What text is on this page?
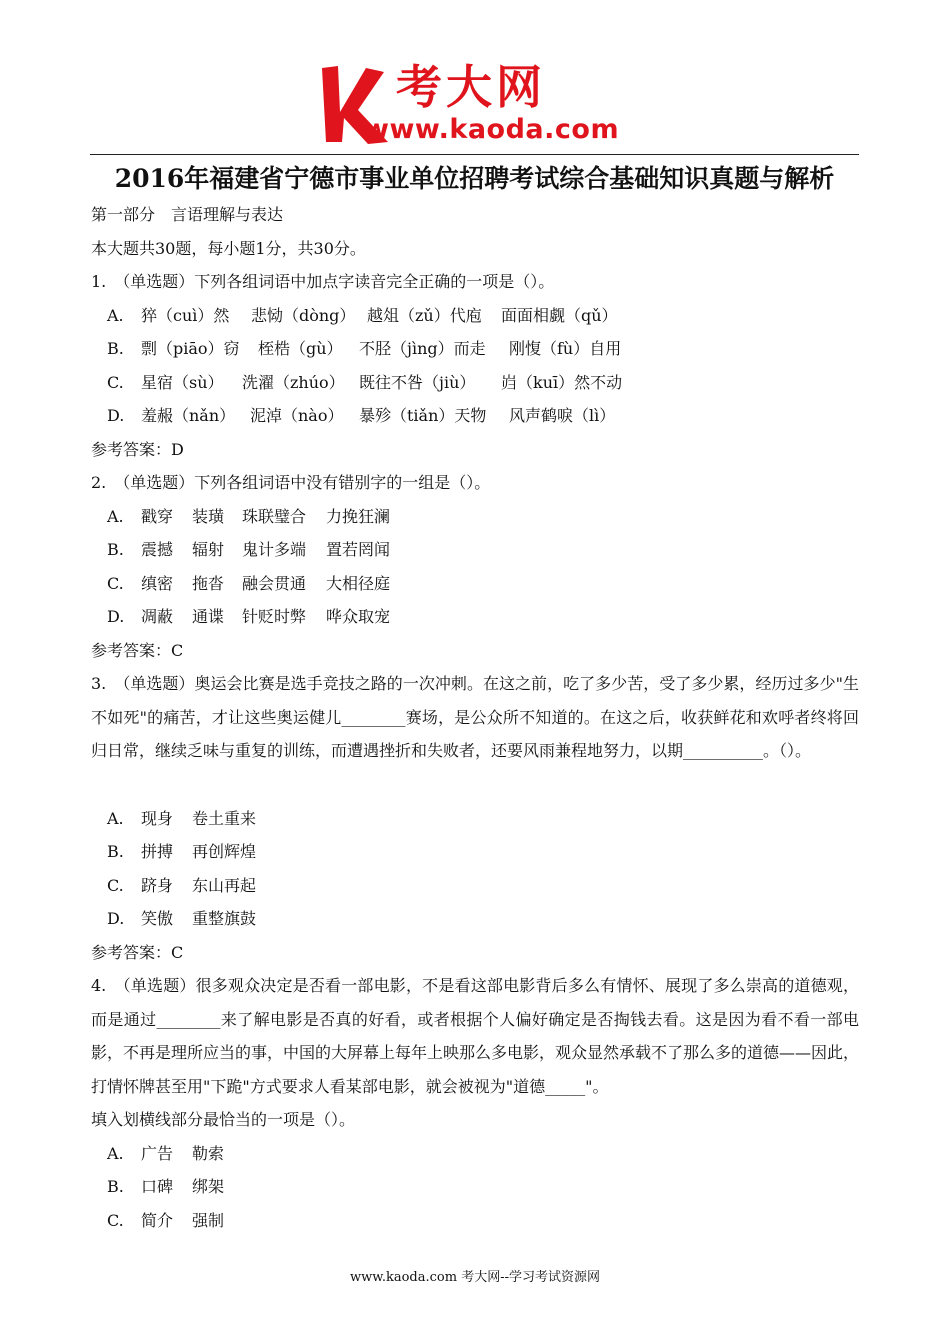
考大网
www.kaoda.com
2016年福建省宁德市事业单位招聘考试综合基础知识真题与解析
第一部分　言语理解与表达
本大题共30题，每小题1分，共30分。
1.　（单选题）下列各组词语中加点字读音完全正确的一项是（）。
A. 猝（cuì）然 悲恸（dòng） 越俎（zǔ）代庖 面面相觑（qǔ）
B. 剽（piāo）窃 桎梏（gù） 不胫（jìng）而走 刚愎（fù）自用
C. 星宿（sù） 洗濯（zhúo） 既往不咎（jiù） 岿（kuī）然不动
D. 羞赧（nǎn） 泥淖（nào） 暴殄（tiǎn）天物 风声鹤唳（lì）
参考答案：D
2.　（单选题）下列各组词语中没有错别字的一组是（）。
A. 戳穿 装璜 珠联璧合 力挽狂澜
B. 震撼 辐射 鬼计多端 置若罔闻
C. 缜密 拖沓 融会贯通 大相径庭
D. 凋蔽 通谍 针贬时弊 哗众取宠
参考答案：C
3.　（单选题）奥运会比赛是选手竞技之路的一次冲刺。在这之前，吃了多少苦，受了多少累，经历过多少"生不如死"的痛苦，才让这些奥运健儿________赛场，是公众所不知道的。在这之后，收获鲜花和欢呼者终将回归日常，继续乏味与重复的训练，而遭遇挫折和失败者，还要风雨兼程地努力，以期__________。（）。
A. 现身 卷土重来
B. 拼搏 再创辉煌
C. 跻身 东山再起
D. 笑傲 重整旗鼓
参考答案：C
4.　（单选题）很多观众决定是否看一部电影，不是看这部电影背后多么有情怀、展现了多么崇高的道德观，而是通过________来了解电影是否真的好看，或者根据个人偏好确定是否掏钱去看。这是因为看不看一部电影，不再是理所应当的事，中国的大屏幕上每年上映那么多电影，观众显然承载不了那么多的道德——因此，打情怀牌甚至用"下跪"方式要求人看某部电影，就会被视为"道德_____"。
填入划横线部分最恰当的一项是（）。
A. 广告 勒索
B. 口碑 绑架
C. 简介 强制
www.kaoda.com 考大网--学习考试资源网
